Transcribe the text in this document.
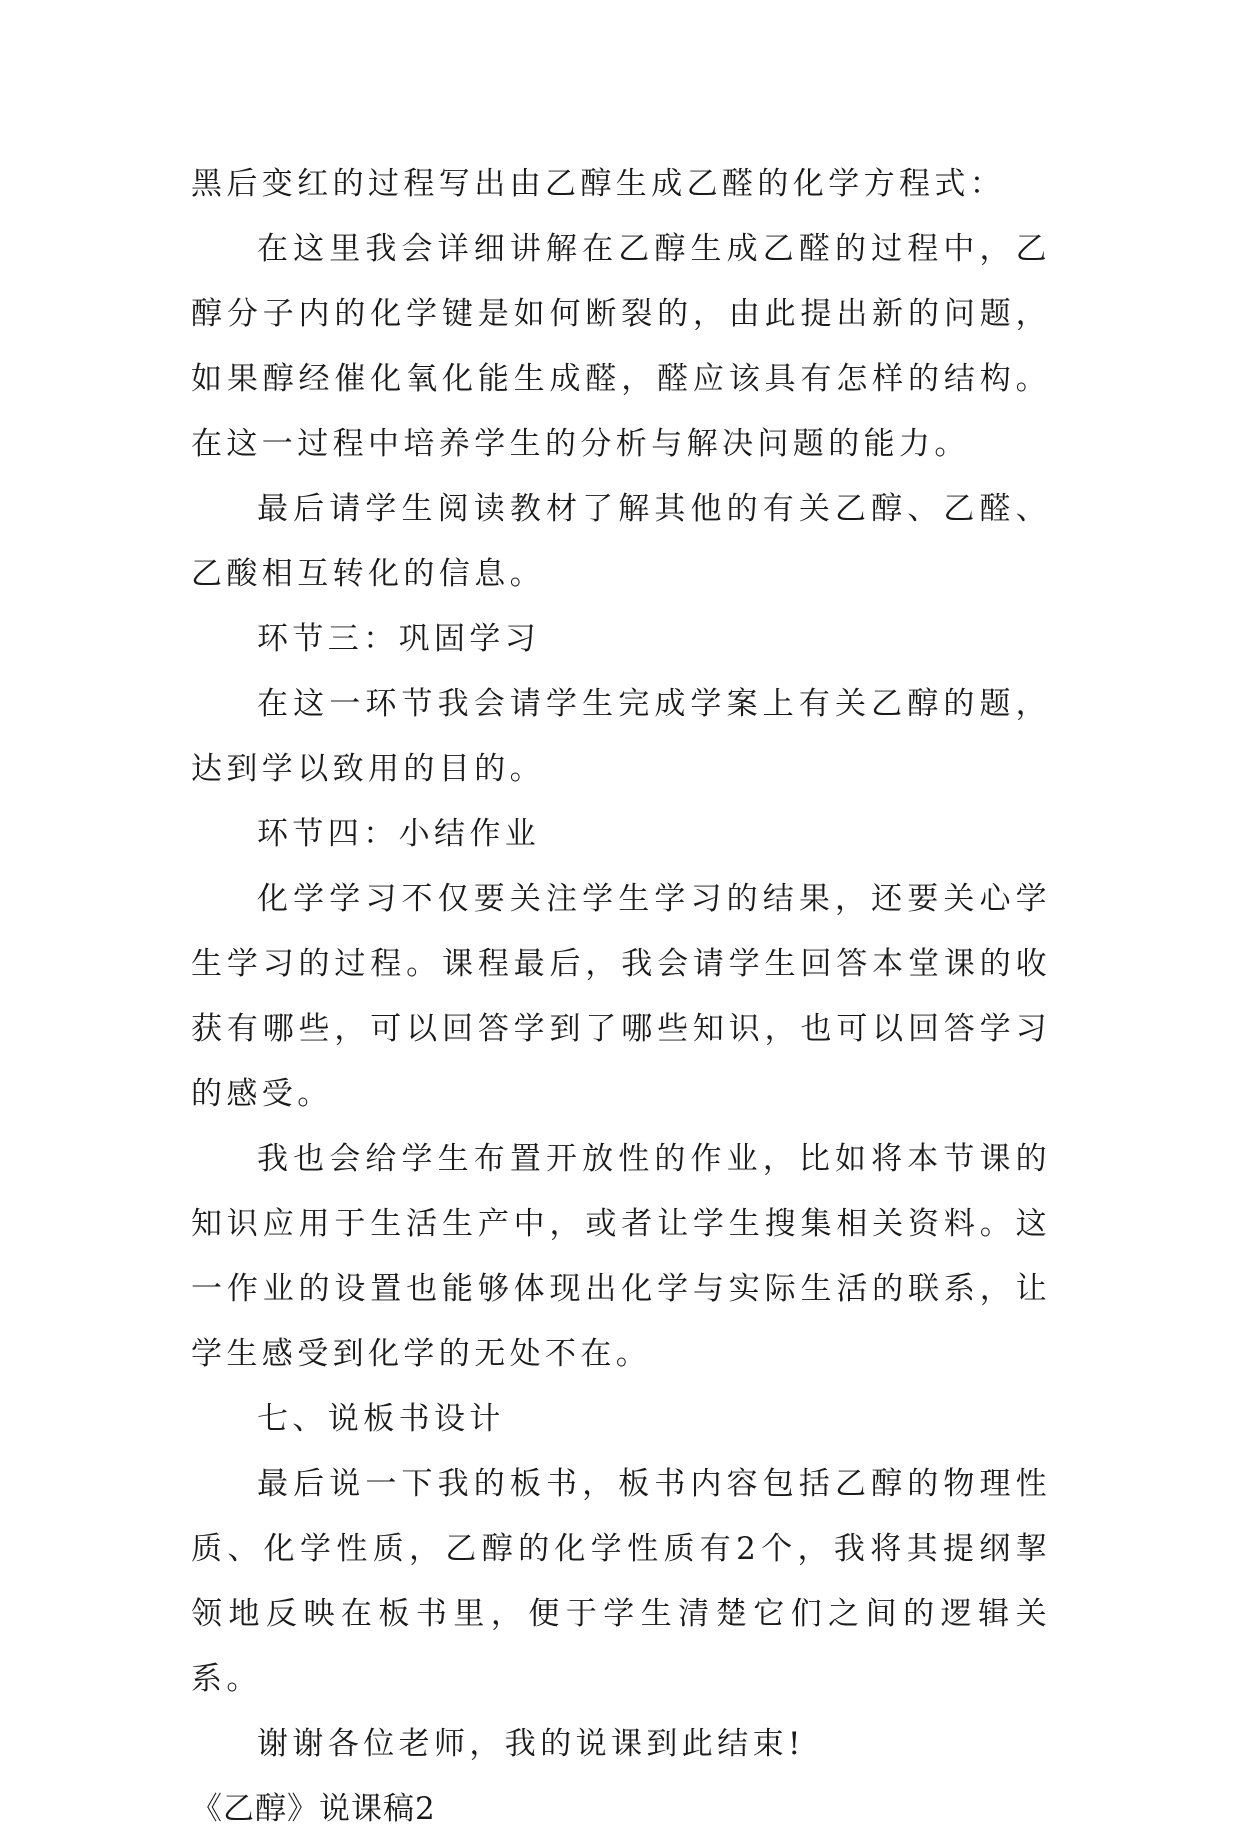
黑后变红的过程写出由乙醇生成乙醛的化学方程式：

在这里我会详细讲解在乙醇生成乙醛的过程中，乙醇分子内的化学键是如何断裂的，由此提出新的问题，如果醇经催化氧化能生成醛，醛应该具有怎样的结构。在这一过程中培养学生的分析与解决问题的能力。

最后请学生阅读教材了解其他的有关乙醇、乙醛、乙酸相互转化的信息。

环节三：巩固学习

在这一环节我会请学生完成学案上有关乙醇的题，达到学以致用的目的。

环节四：小结作业

化学学习不仅要关注学生学习的结果，还要关心学生学习的过程。课程最后，我会请学生回答本堂课的收获有哪些，可以回答学到了哪些知识，也可以回答学习的感受。

我也会给学生布置开放性的作业，比如将本节课的知识应用于生活生产中，或者让学生搜集相关资料。这一作业的设置也能够体现出化学与实际生活的联系，让学生感受到化学的无处不在。

七、说板书设计

最后说一下我的板书，板书内容包括乙醇的物理性质、化学性质，乙醇的化学性质有2个，我将其提纲挈领地反映在板书里，便于学生清楚它们之间的逻辑关系。

谢谢各位老师，我的说课到此结束!

《乙醇》说课稿2
